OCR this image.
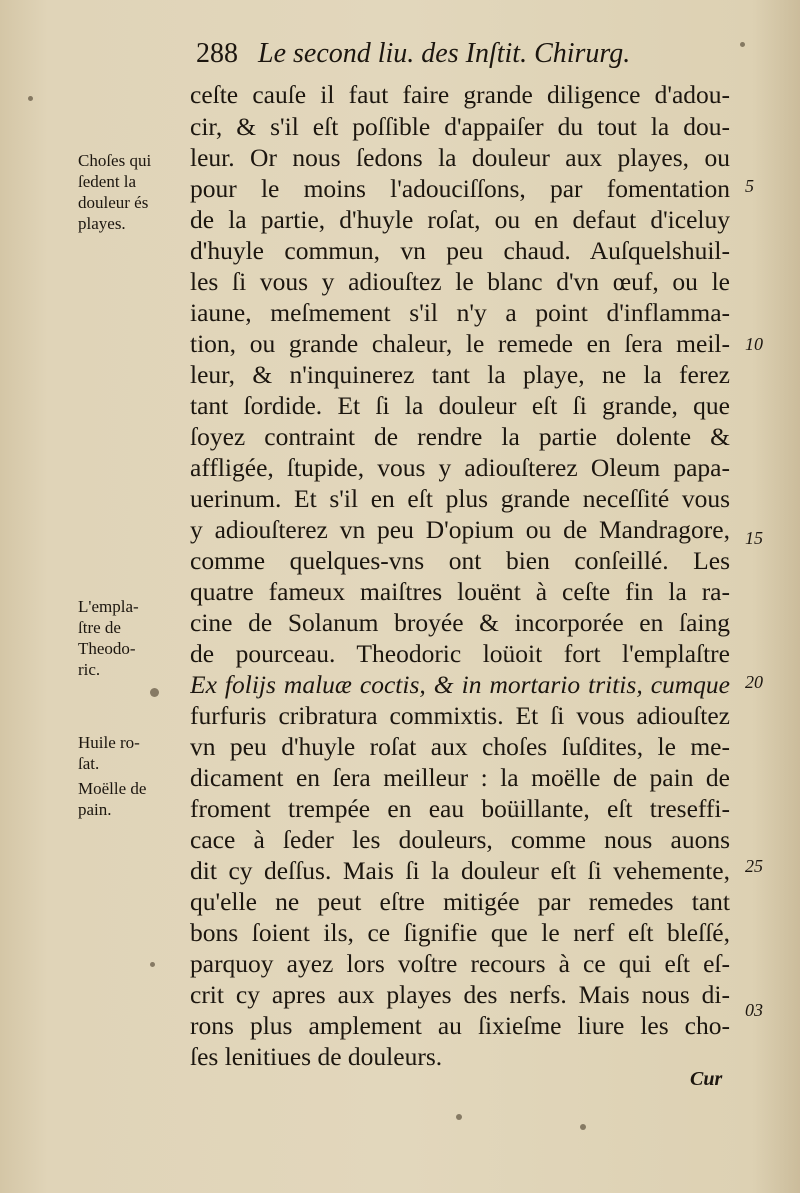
288 Le second liu. des Inſtit. Chirurg.
ceſte cauſe il faut faire grande diligence d'adou-
cir, & s'il eſt poſſible d'appaiſer du tout la dou-
leur. Or nous ſedons la douleur aux playes, ou
pour le moins l'adouciſſons, par fomentation
de la partie, d'huyle roſat, ou en defaut d'iceluy
d'huyle commun, vn peu chaud. Auſquelshuil-
les ſi vous y adiouſtez le blanc d'vn œuf, ou le
iaune, meſmement s'il n'y a point d'inflamma-
tion, ou grande chaleur, le remede en ſera meil-
leur, & n'inquinerez tant la playe, ne la ferez
tant ſordide. Et ſi la douleur eſt ſi grande, que
ſoyez contraint de rendre la partie dolente &
affligée, ſtupide, vous y adiouſterez Oleum papa-
uerinum. Et s'il en eſt plus grande neceſſité vous
y adiouſterez vn peu D'opium ou de Mandragore,
comme quelques-vns ont bien conſeillé. Les
quatre fameux maiſtres louënt à ceſte fin la ra-
cine de Solanum broyée & incorporée en ſaing
de pourceau. Theodoric loüoit fort l'emplaſtre
Ex folijs maluæ coctis, & in mortario tritis, cumque
furfuris cribratura commixtis. Et ſi vous adiouſtez
vn peu d'huyle roſat aux choſes ſuſdites, le me-
dicament en ſera meilleur : la moëlle de pain de
froment trempée en eau boüillante, eſt treseffi-
cace à ſeder les douleurs, comme nous auons
dit cy deſſus. Mais ſi la douleur eſt ſi vehemente,
qu'elle ne peut eſtre mitigée par remedes tant
bons ſoient ils, ce ſignifie que le nerf eſt bleſſé,
parquoy ayez lors voſtre recours à ce qui eſt eſ-
crit cy apres aux playes des nerfs. Mais nous di-
rons plus amplement au ſixieſme liure les cho-
ſes lenitiues de douleurs.
Choſes qui
ſedent la
douleur és
playes.
L'empla-
ſtre de
Theodo-
ric.
Huile ro-
ſat.
Moëlle de
pain.
5
10
15
20
25
03
Cur
